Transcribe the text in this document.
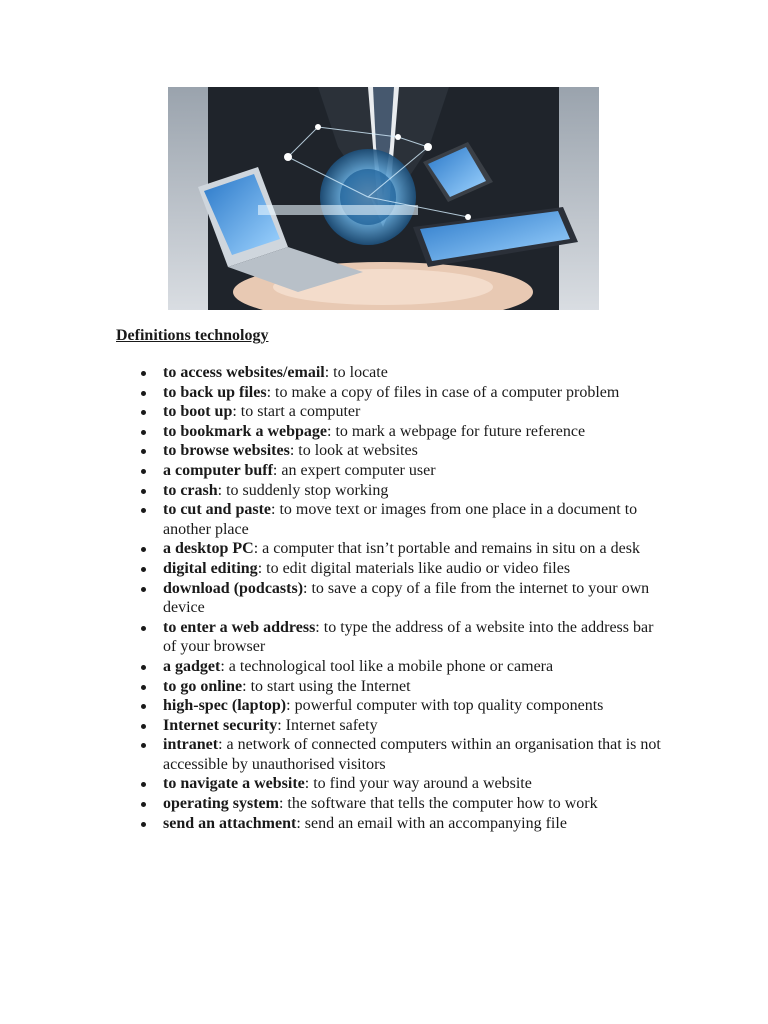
Definitions technology

to access websites/email: to locate
to back up files: to make a copy of files in case of a computer problem
to boot up: to start a computer
to bookmark a webpage: to mark a webpage for future reference
to browse websites: to look at websites
a computer buff: an expert computer user
to crash: to suddenly stop working
to cut and paste: to move text or images from one place in a document to another place
a desktop PC: a computer that isn’t portable and remains in situ on a desk
digital editing: to edit digital materials like audio or video files
download (podcasts): to save a copy of a file from the internet to your own device
to enter a web address: to type the address of a website into the address bar of your browser
a gadget: a technological tool like a mobile phone or camera
to go online: to start using the Internet
high-spec (laptop): powerful computer with top quality components
Internet security: Internet safety
intranet: a network of connected computers within an organisation that is not accessible by unauthorised visitors
to navigate a website: to find your way around a website
operating system: the software that tells the computer how to work
send an attachment: send an email with an accompanying file
